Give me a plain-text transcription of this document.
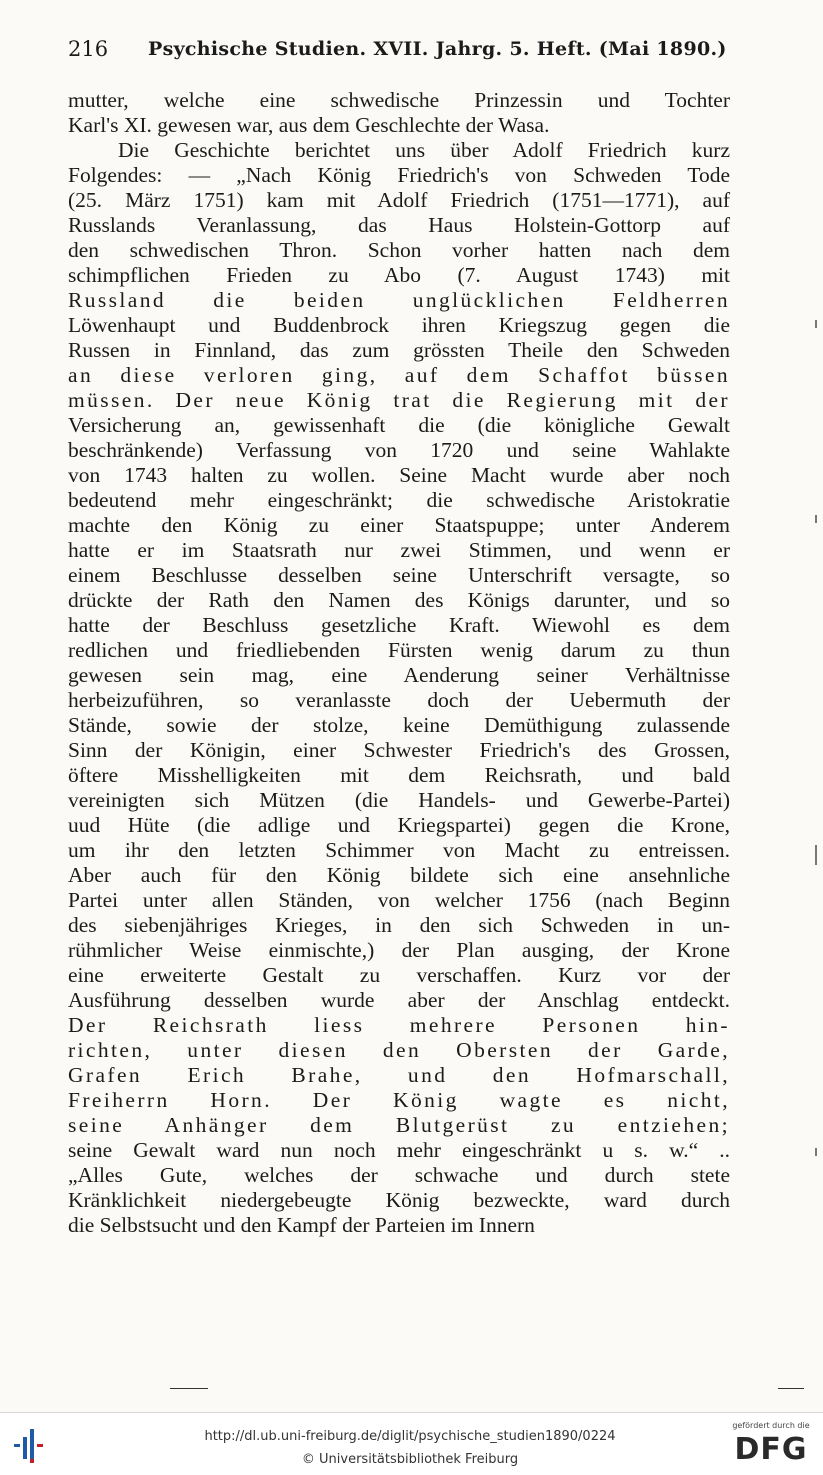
216 Psychische Studien. XVII. Jahrg. 5. Heft. (Mai 1890.)
mutter, welche eine schwedische Prinzessin und Tochter
Karl's XI. gewesen war, aus dem Geschlechte der Wasa.
Die Geschichte berichtet uns über Adolf Friedrich kurz
Folgendes: — „Nach König Friedrich's von Schweden Tode
(25. März 1751) kam mit Adolf Friedrich (1751—1771), auf
Russlands Veranlassung, das Haus Holstein-Gottorp auf
den schwedischen Thron. Schon vorher hatten nach dem
schimpflichen Frieden zu Abo (7. August 1743) mit
Russland die beiden unglücklichen Feldherren
Löwenhaupt und Buddenbrock ihren Kriegszug gegen die
Russen in Finnland, das zum grössten Theile den Schweden
an diese verloren ging, auf dem Schaffot büssen
müssen. Der neue König trat die Regierung mit der
Versicherung an, gewissenhaft die (die königliche Gewalt
beschränkende) Verfassung von 1720 und seine Wahlakte
von 1743 halten zu wollen. Seine Macht wurde aber noch
bedeutend mehr eingeschränkt; die schwedische Aristokratie
machte den König zu einer Staatspuppe; unter Anderem
hatte er im Staatsrath nur zwei Stimmen, und wenn er
einem Beschlusse desselben seine Unterschrift versagte, so
drückte der Rath den Namen des Königs darunter, und so
hatte der Beschluss gesetzliche Kraft. Wiewohl es dem
redlichen und friedliebenden Fürsten wenig darum zu thun
gewesen sein mag, eine Aenderung seiner Verhältnisse
herbeizuführen, so veranlasste doch der Uebermuth der
Stände, sowie der stolze, keine Demüthigung zulassende
Sinn der Königin, einer Schwester Friedrich's des Grossen,
öftere Misshelligkeiten mit dem Reichsrath, und bald
vereinigten sich Mützen (die Handels- und Gewerbe-Partei)
uud Hüte (die adlige und Kriegspartei) gegen die Krone,
um ihr den letzten Schimmer von Macht zu entreissen.
Aber auch für den König bildete sich eine ansehnliche
Partei unter allen Ständen, von welcher 1756 (nach Beginn
des siebenjähriges Krieges, in den sich Schweden in un-
rühmlicher Weise einmischte,) der Plan ausging, der Krone
eine erweiterte Gestalt zu verschaffen. Kurz vor der
Ausführung desselben wurde aber der Anschlag entdeckt.
Der Reichsrath liess mehrere Personen hin-
richten, unter diesen den Obersten der Garde,
Grafen Erich Brahe, und den Hofmarschall,
Freiherrn Horn. Der König wagte es nicht,
seine Anhänger dem Blutgerüst zu entziehen;
seine Gewalt ward nun noch mehr eingeschränkt u s. w.“ ..
„Alles Gute, welches der schwache und durch stete
Kränklichkeit niedergebeugte König bezweckte, ward durch
die Selbstsucht und den Kampf der Parteien im Innern
http://dl.ub.uni-freiburg.de/diglit/psychische_studien1890/0224
© Universitätsbibliothek Freiburg
gefördert durch die
DFG
